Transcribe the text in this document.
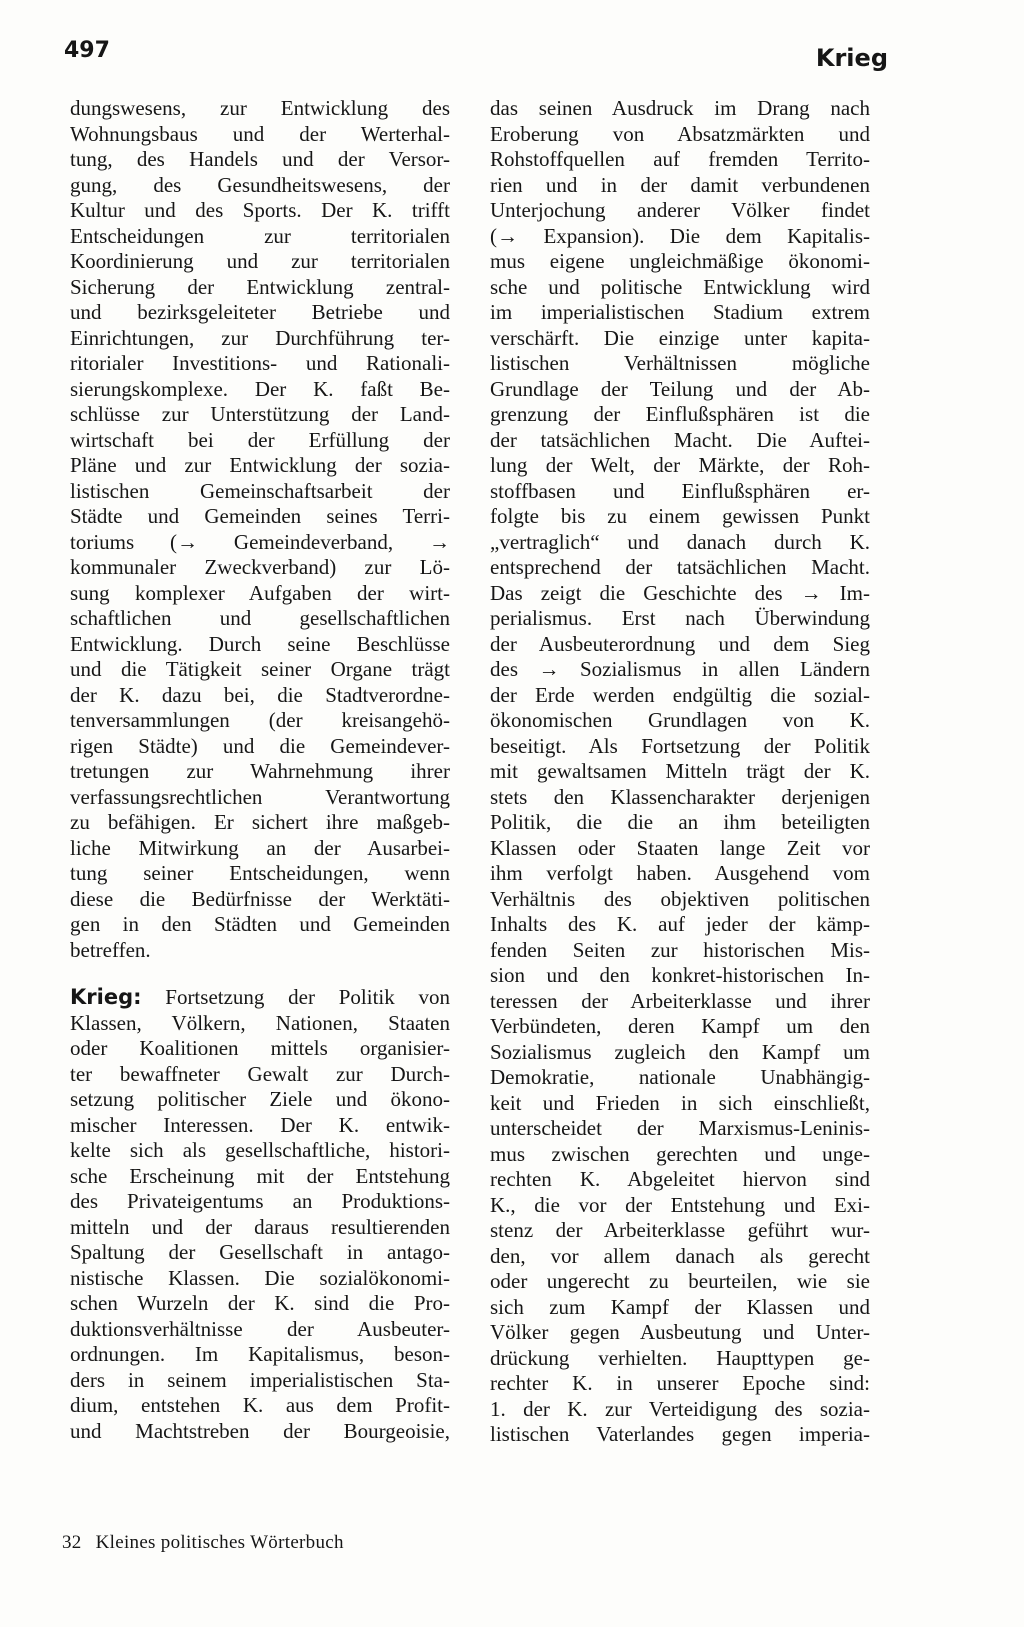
497	Krieg
dungswesens, zur Entwicklung des
Wohnungsbaus und der Werterhal-
tung, des Handels und der Versor-
gung, des Gesundheitswesens, der
Kultur und des Sports. Der K. trifft
Entscheidungen zur territorialen
Koordinierung und zur territorialen
Sicherung der Entwicklung zentral-
und bezirksgeleiteter Betriebe und
Einrichtungen, zur Durchführung ter-
ritorialer Investitions- und Rationali-
sierungskomplexe. Der K. faßt Be-
schlüsse zur Unterstützung der Land-
wirtschaft bei der Erfüllung der
Pläne und zur Entwicklung der sozia-
listischen Gemeinschaftsarbeit der
Städte und Gemeinden seines Terri-
toriums (→ Gemeindeverband, →
kommunaler Zweckverband) zur Lö-
sung komplexer Aufgaben der wirt-
schaftlichen und gesellschaftlichen
Entwicklung. Durch seine Beschlüsse
und die Tätigkeit seiner Organe trägt
der K. dazu bei, die Stadtverordne-
tenversammlungen (der kreisangehö-
rigen Städte) und die Gemeindever-
tretungen zur Wahrnehmung ihrer
verfassungsrechtlichen Verantwortung
zu befähigen. Er sichert ihre maßgeb-
liche Mitwirkung an der Ausarbei-
tung seiner Entscheidungen, wenn
diese die Bedürfnisse der Werktäti-
gen in den Städten und Gemeinden
betreffen.
Krieg: Fortsetzung der Politik von
Klassen, Völkern, Nationen, Staaten
oder Koalitionen mittels organisier-
ter bewaffneter Gewalt zur Durch-
setzung politischer Ziele und ökono-
mischer Interessen. Der K. entwik-
kelte sich als gesellschaftliche, histori-
sche Erscheinung mit der Entstehung
des Privateigentums an Produktions-
mitteln und der daraus resultierenden
Spaltung der Gesellschaft in antago-
nistische Klassen. Die sozialökonomi-
schen Wurzeln der K. sind die Pro-
duktionsverhältnisse der Ausbeuter-
ordnungen. Im Kapitalismus, beson-
ders in seinem imperialistischen Sta-
dium, entstehen K. aus dem Profit-
und Machtstreben der Bourgeoisie,
das seinen Ausdruck im Drang nach
Eroberung von Absatzmärkten und
Rohstoffquellen auf fremden Territo-
rien und in der damit verbundenen
Unterjochung anderer Völker findet
(→ Expansion). Die dem Kapitalis-
mus eigene ungleichmäßige ökonomi-
sche und politische Entwicklung wird
im imperialistischen Stadium extrem
verschärft. Die einzige unter kapita-
listischen Verhältnissen mögliche
Grundlage der Teilung und der Ab-
grenzung der Einflußsphären ist die
der tatsächlichen Macht. Die Auftei-
lung der Welt, der Märkte, der Roh-
stoffbasen und Einflußsphären er-
folgte bis zu einem gewissen Punkt
„vertraglich“ und danach durch K.
entsprechend der tatsächlichen Macht.
Das zeigt die Geschichte des → Im-
perialismus. Erst nach Überwindung
der Ausbeuterordnung und dem Sieg
des → Sozialismus in allen Ländern
der Erde werden endgültig die sozial-
ökonomischen Grundlagen von K.
beseitigt. Als Fortsetzung der Politik
mit gewaltsamen Mitteln trägt der K.
stets den Klassencharakter derjenigen
Politik, die die an ihm beteiligten
Klassen oder Staaten lange Zeit vor
ihm verfolgt haben. Ausgehend vom
Verhältnis des objektiven politischen
Inhalts des K. auf jeder der kämp-
fenden Seiten zur historischen Mis-
sion und den konkret-historischen In-
teressen der Arbeiterklasse und ihrer
Verbündeten, deren Kampf um den
Sozialismus zugleich den Kampf um
Demokratie, nationale Unabhängig-
keit und Frieden in sich einschließt,
unterscheidet der Marxismus-Leninis-
mus zwischen gerechten und unge-
rechten K. Abgeleitet hiervon sind
K., die vor der Entstehung und Exi-
stenz der Arbeiterklasse geführt wur-
den, vor allem danach als gerecht
oder ungerecht zu beurteilen, wie sie
sich zum Kampf der Klassen und
Völker gegen Ausbeutung und Unter-
drückung verhielten. Haupttypen ge-
rechter K. in unserer Epoche sind:
1. der K. zur Verteidigung des sozia-
listischen Vaterlandes gegen imperia-
32 Kleines politisches Wörterbuch
